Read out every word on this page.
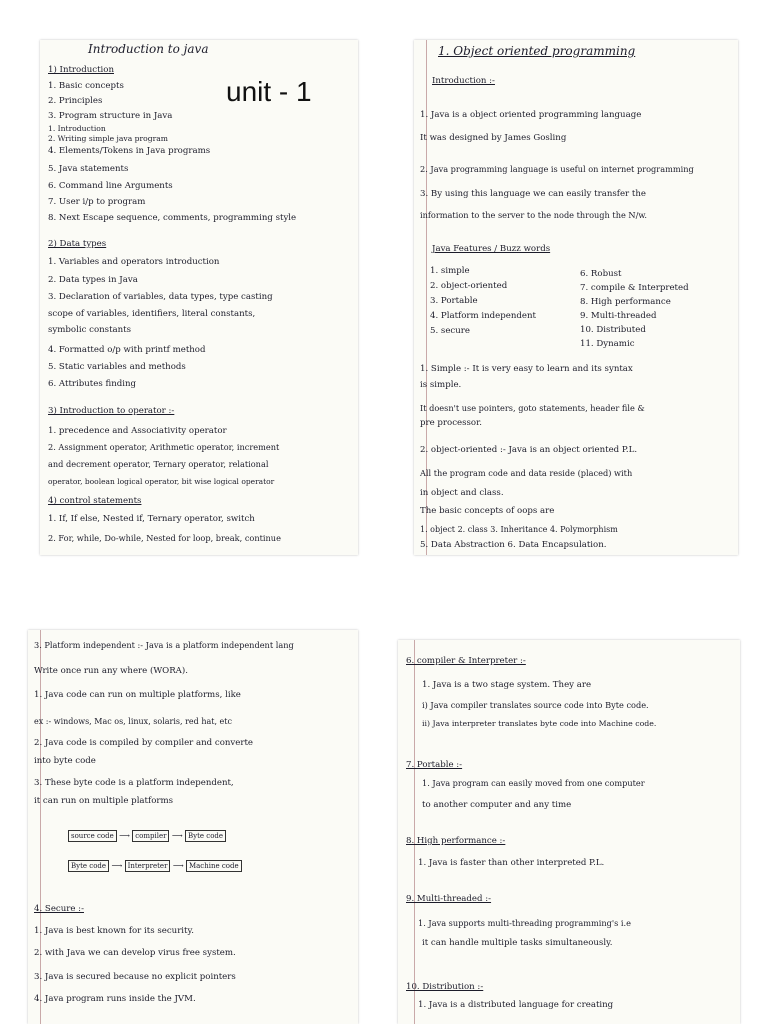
Introduction to java
unit - 1
1) Introduction
1. Basic concepts
2. Principles
3. Program structure in Java
1. Introduction
2. Writing simple java program
4. Elements/Tokens in Java programs
5. Java statements
6. Command line Arguments
7. User i/p to program
8. Next Escape sequence, comments, programming style
2) Data types
1. Variables and operators introduction
2. Data types in Java
3. Declaration of variables, data types, type casting
scope of variables, identifiers, literal constants,
symbolic constants
4. Formatted o/p with printf method
5. Static variables and methods
6. Attributes finding
3) Introduction to operator :-
1. precedence and Associativity operator
2. Assignment operator, Arithmetic operator, increment
and decrement operator, Ternary operator, relational
operator, boolean logical operator, bit wise logical operator
4) control statements
1. If, If else, Nested if, Ternary operator, switch
2. For, while, Do-while, Nested for loop, break, continue
1. Object oriented programming
Introduction :-
1. Java is a object oriented programming language
It was designed by James Gosling
2. Java programming language is useful on internet programming
3. By using this language we can easily transfer the
information to the server to the node through the N/w.
Java Features / Buzz words
1. simple
2. object-oriented
3. Portable
4. Platform independent
5. secure
6. Robust
7. compile & Interpreted
8. High performance
9. Multi-threaded
10. Distributed
11. Dynamic
1. Simple :- It is very easy to learn and its syntax
is simple.
It doesn't use pointers, goto statements, header file &
pre processor.
2. object-oriented :- Java is an object oriented P.L.
All the program code and data reside (placed) with
in object and class.
The basic concepts of oops are
1. object 2. class 3. Inheritance 4. Polymorphism
5. Data Abstraction 6. Data Encapsulation.
3. Platform independent :- Java is a platform independent lang
Write once run any where (WORA).
1. Java code can run on multiple platforms, like
ex :- windows, Mac os, linux, solaris, red hat, etc
2. Java code is compiled by compiler and converte
into byte code
3. These byte code is a platform independent,
it can run on multiple platforms
source code ⟶ compiler ⟶ Byte code
Byte code ⟶ Interpreter ⟶ Machine code
4. Secure :-
1. Java is best known for its security.
2. with Java we can develop virus free system.
3. Java is secured because no explicit pointers
4. Java program runs inside the JVM.
6. compiler & Interpreter :-
1. Java is a two stage system. They are
i) Java compiler translates source code into Byte code.
ii) Java interpreter translates byte code into Machine code.
7. Portable :-
1. Java program can easily moved from one computer
to another computer and any time
8. High performance :-
1. Java is faster than other interpreted P.L.
9. Multi-threaded :-
1. Java supports multi-threading programming's i.e
it can handle multiple tasks simultaneously.
10. Distribution :-
1. Java is a distributed language for creating
